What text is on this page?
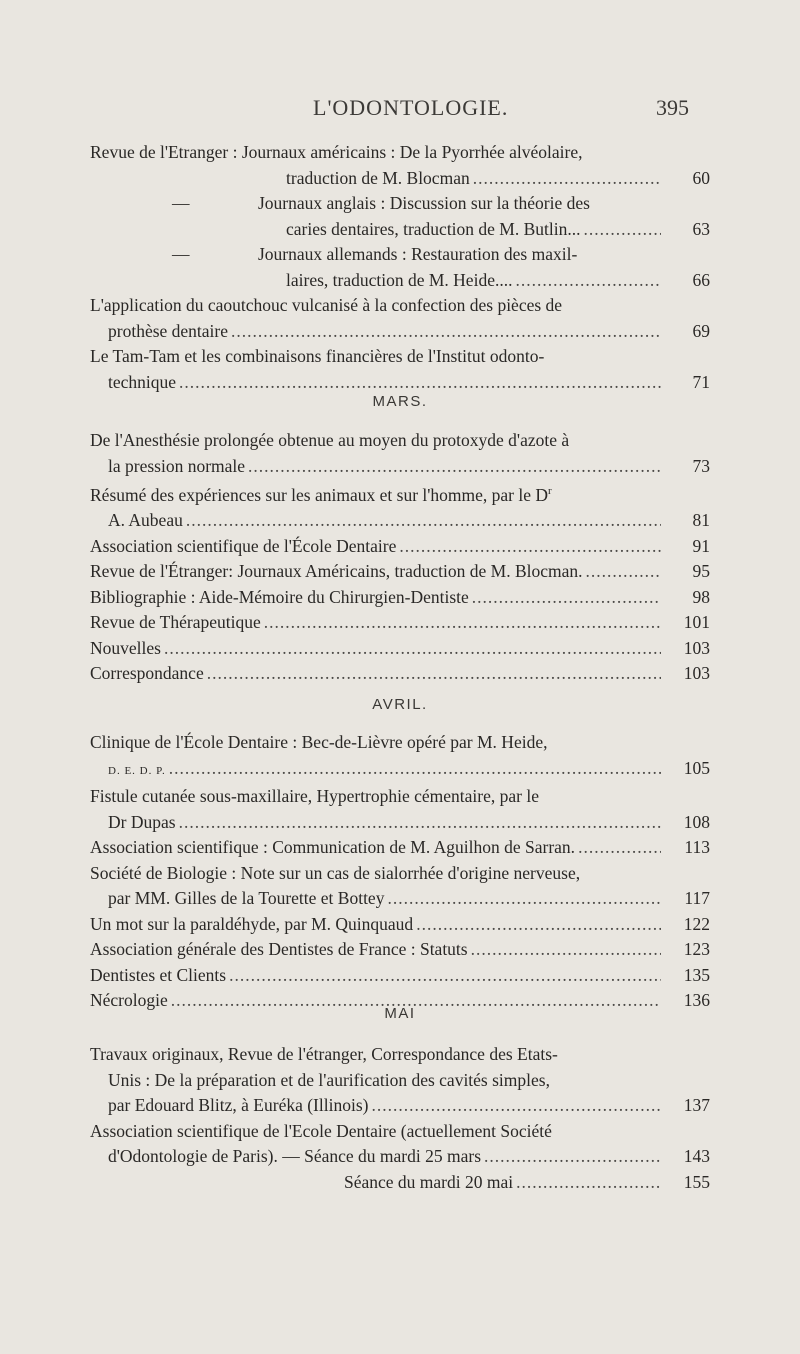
L'ODONTOLOGIE.	395
Revue de l'Etranger : Journaux américains : De la Pyorrhée alvéolaire,
traduction de M. Blocman .....	60
—	Journaux anglais : Discussion sur la théorie des
caries dentaires, traduction de M. Butlin... .....	63
—	Journaux allemands : Restauration des maxil-
laires, traduction de M. Heide.... .....	66
L'application du caoutchouc vulcanisé à la confection des pièces de
prothèse dentaire .....	69
Le Tam-Tam et les combinaisons financières de l'Institut odonto-
technique .....	71
MARS.
De l'Anesthésie prolongée obtenue au moyen du protoxyde d'azote à
la pression normale .....	73
Résumé des expériences sur les animaux et sur l'homme, par le $D^r$
A. Aubeau .....	81
Association scientifique de l'École Dentaire .....	91
Revue de l'Étranger: Journaux Américains, traduction de M. Blocman. .....	95
Bibliographie : Aide-Mémoire du Chirurgien-Dentiste .....	98
Revue de Thérapeutique .....	101
Nouvelles .....	103
Correspondance .....	103
AVRIL.
Clinique de l'École Dentaire : Bec-de-Lièvre opéré par M. Heide,
D. E. D. P. .....	105
Fistule cutanée sous-maxillaire, Hypertrophie cémentaire, par le
Dr Dupas .....	108
Association scientifique : Communication de M. Aguilhon de Sarran. .....	113
Société de Biologie : Note sur un cas de sialorrhée d'origine nerveuse,
par MM. Gilles de la Tourette et Bottey .....	117
Un mot sur la paraldéhyde, par M. Quinquaud .....	122
Association générale des Dentistes de France : Statuts .....	123
Dentistes et Clients .....	135
Nécrologie .....	136
MAI
Travaux originaux, Revue de l'étranger, Correspondance des Etats-
Unis : De la préparation et de l'aurification des cavités simples,
par Edouard Blitz, à Euréka (Illinois) .....	137
Association scientifique de l'Ecole Dentaire (actuellement Société
d'Odontologie de Paris). — Séance du mardi 25 mars .....	143
Séance du mardi 20 mai .....	155
